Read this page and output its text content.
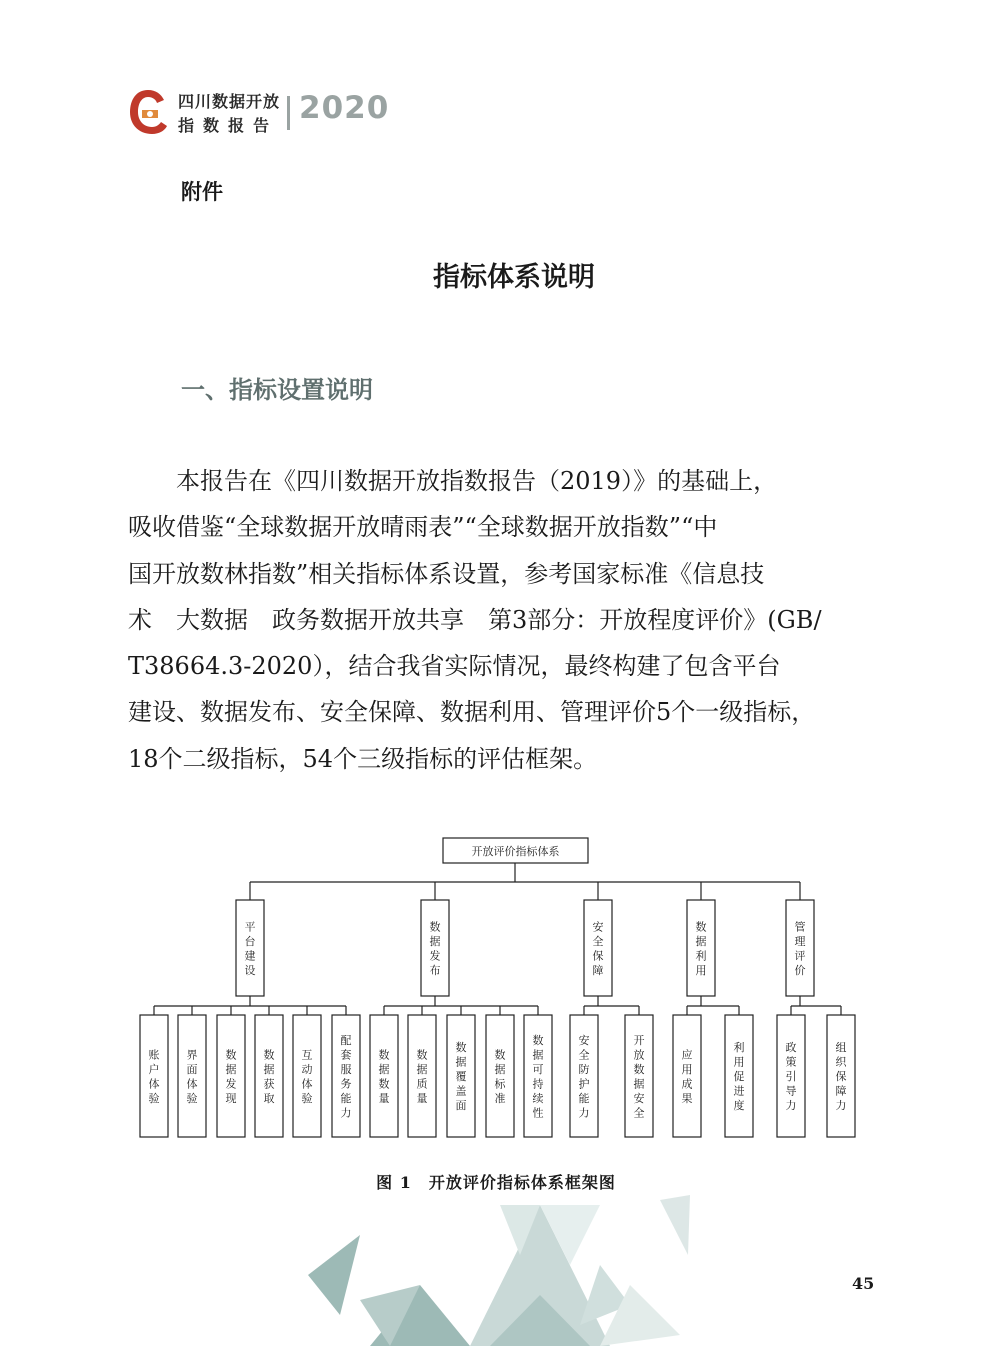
四川数据开放
指数报告 2020
附件
指标体系说明
一、指标设置说明
　　本报告在《四川数据开放指数报告（2019）》的基础上，
吸收借鉴“全球数据开放晴雨表”“全球数据开放指数”“中
国开放数林指数”相关指标体系设置，参考国家标准《信息技
术　大数据　政务数据开放共享　第3部分：开放程度评价》(GB/
T38664.3-2020），结合我省实际情况，最终构建了包含平台
建设、数据发布、安全保障、数据利用、管理评价5个一级指标，
18个二级指标，54个三级指标的评估框架。
开放评价指标体系
平台建设
账户体验
界面体验
数据发现
数据获取
互动体验
配套服务能力
数据发布
数据数量
数据质量
数据覆盖面
数据标准
数据可持续性
安全保障
安全防护能力
开放数据安全
数据利用
应用成果
利用促进度
管理评价
政策引导力
组织保障力
图 1　开放评价指标体系框架图
45
